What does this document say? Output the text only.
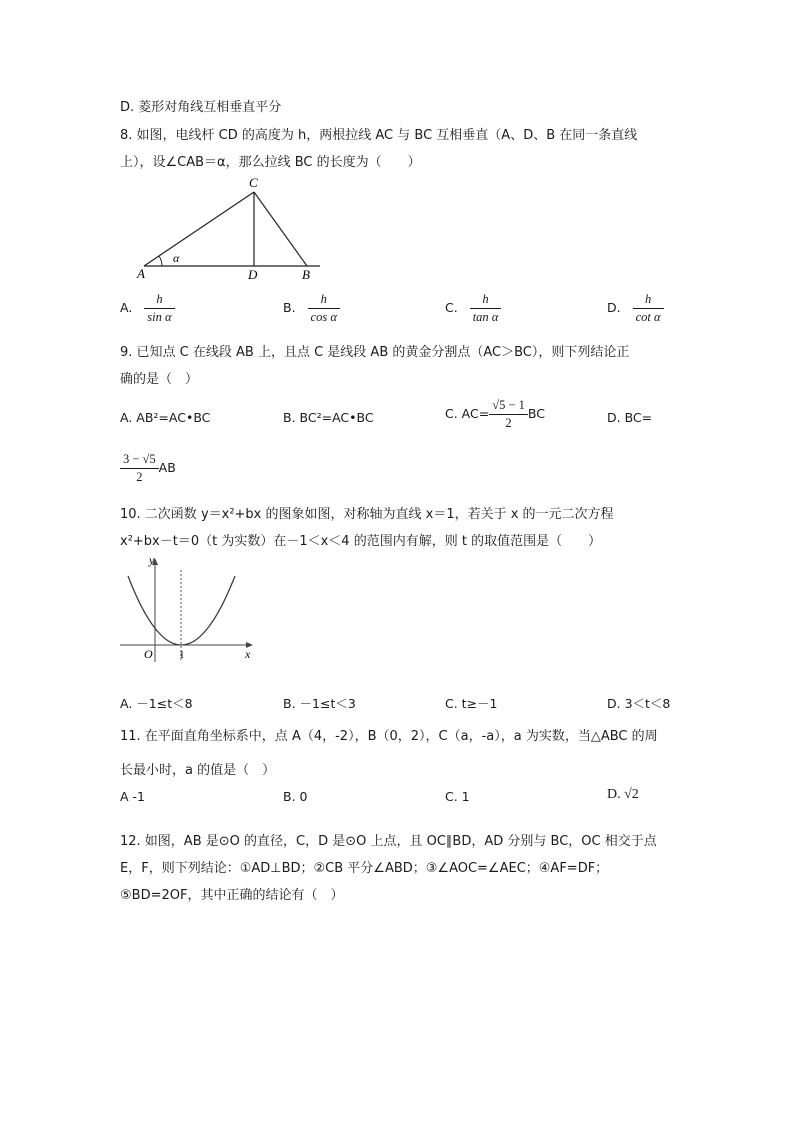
D. 菱形对角线互相垂直平分
8. 如图，电线杆 CD 的高度为 h，两根拉线 AC 与 BC 互相垂直（A、D、B 在同一条直线
上），设∠CAB＝α，那么拉线 BC 的长度为（　　）
C
A	D	B
α
A. $\frac{h}{\text{sin α}}$	B. $\frac{h}{\text{cos α}}$	C. $\frac{h}{\text{tan α}}$	D. $\frac{h}{\text{cot α}}$
9. 已知点 C 在线段 AB 上，且点 C 是线段 AB 的黄金分割点（AC＞BC），则下列结论正
确的是（　）
A. AB²=AC•BC	B. BC²=AC•BC	C. $AC= \frac{√5 - 1}{2}$ BC	D. BC=
$\frac{3 - √5}{2}$ AB
10. 二次函数 y＝x²+bx 的图象如图，对称轴为直线 x＝1，若关于 x 的一元二次方程
x²+bx－t＝0（t 为实数）在－1＜x＜4 的范围内有解，则 t 的取值范围是（　　）
y
x
O 1
A. －1≤t＜8	B. －1≤t＜3	C. t≥－1	D. 3＜t＜8
11. 在平面直角坐标系中，点 A（4，-2），B（0，2），C（a，-a），a 为实数，当△ABC 的周
长最小时，a 的值是（　）
A -1	B. 0	C. 1	D. √2
12. 如图，AB 是⊙O 的直径，C，D 是⊙O 上点，且 OC∥BD，AD 分别与 BC，OC 相交于点
E，F，则下列结论：①AD⊥BD；②CB 平分∠ABD；③∠AOC=∠AEC；④AF=DF；
⑤BD=2OF，其中正确的结论有（　）
